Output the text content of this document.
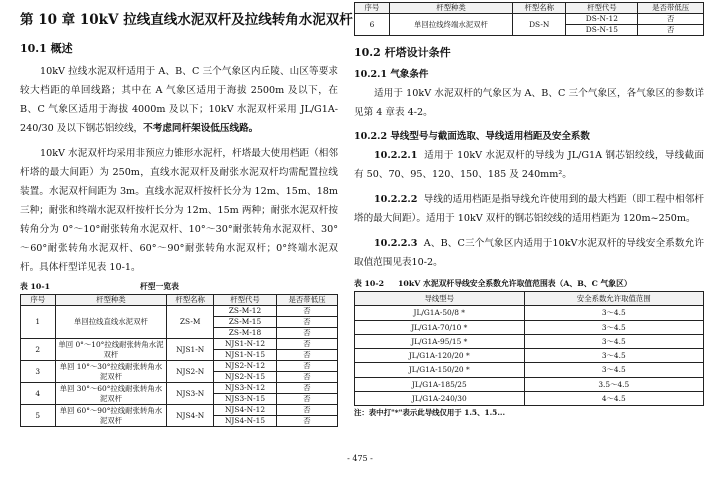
第 10 章 10kV 拉线直线水泥双杆及拉线转角水泥双杆
10.1 概述

10kV 拉线水泥双杆适用于 A、B、C 三个气象区内丘陵、山区等要求较大档距的单回线路；其中在 A 气象区适用于海拔 2500m 及以下，在 B、C 气象区适用于海拔 4000m 及以下；10kV 水泥双杆采用 JL/G1A-240/30 及以下钢芯铝绞线，不考虑同杆架设低压线路。

10kV 水泥双杆均采用非预应力锥形水泥杆，杆塔最大使用档距（相邻杆塔的最大间距）为 250m，直线水泥双杆及耐张水泥双杆均需配置拉线装置。水泥双杆间距为 3m。直线水泥双杆按杆长分为 12m、15m、18m 三种；耐张和终端水泥双杆按杆长分为 12m、15m 两种；耐张水泥双杆按转角分为 0°～10°耐张转角水泥双杆、10°～30°耐张转角水泥双杆、30°～60°耐张转角水泥双杆、60°～90°耐张转角水泥双杆；0°终端水泥双杆。具体杆型详见表 10-1。

表 10-1	杆型一览表
序号	杆型种类	杆型名称	杆型代号	是否带低压
1	单回拉线直线水泥双杆	ZS-M	ZS-M-12	否
			ZS-M-15	否
			ZS-M-18	否
2	单回 0°～10°拉线耐张转角水泥双杆	NJS1-N	NJS1-N-12	否
			NJS1-N-15	否
3	单回 10°～30°拉线耐张转角水泥双杆	NJS2-N	NJS2-N-12	否
			NJS2-N-15	否
4	单回 30°～60°拉线耐张转角水泥双杆	NJS3-N	NJS3-N-12	否
			NJS3-N-15	否
5	单回 60°～90°拉线耐张转角水泥双杆	NJS4-N	NJS4-N-12	否
			NJS4-N-15	否
序号	杆型种类	杆型名称	杆型代号	是否带低压
6	单回拉线终端水泥双杆	DS-N	DS-N-12	否
			DS-N-15	否
10.2 杆塔设计条件
10.2.1 气象条件

适用于 10kV 水泥双杆的气象区为 A、B、C 三个气象区，各气象区的参数详见第 4 章表 4-2。

10.2.2 导线型号与截面选取、导线适用档距及安全系数

10.2.2.1 适用于 10kV 水泥双杆的导线为 JL/G1A 钢芯铝绞线，导线截面有 50、70、95、120、150、185 及 240mm²。

10.2.2.2 导线的适用档距是指导线允许使用到的最大档距（即工程中相邻杆塔的最大间距）。适用于 10kV 双杆的钢芯铝绞线的适用档距为 120m~250m。

10.2.2.3 A、B、C三个气象区内适用于10kV水泥双杆的导线安全系数允许取值范围见表10-2。

表 10-2	10kV 水泥双杆导线安全系数允许取值范围表（A、B、C 气象区）
导线型号	安全系数允许取值范围
JL/G1A-50/8 *	3～4.5
JL/G1A-70/10 *	3～4.5
JL/G1A-95/15 *	3～4.5
JL/G1A-120/20 *	3～4.5
JL/G1A-150/20 *	3～4.5
JL/G1A-185/25	3.5～4.5
JL/G1A-240/30	4～4.5
注：表中打"*"表示此导线仅用于 1.5、1.5...
- 475 -
